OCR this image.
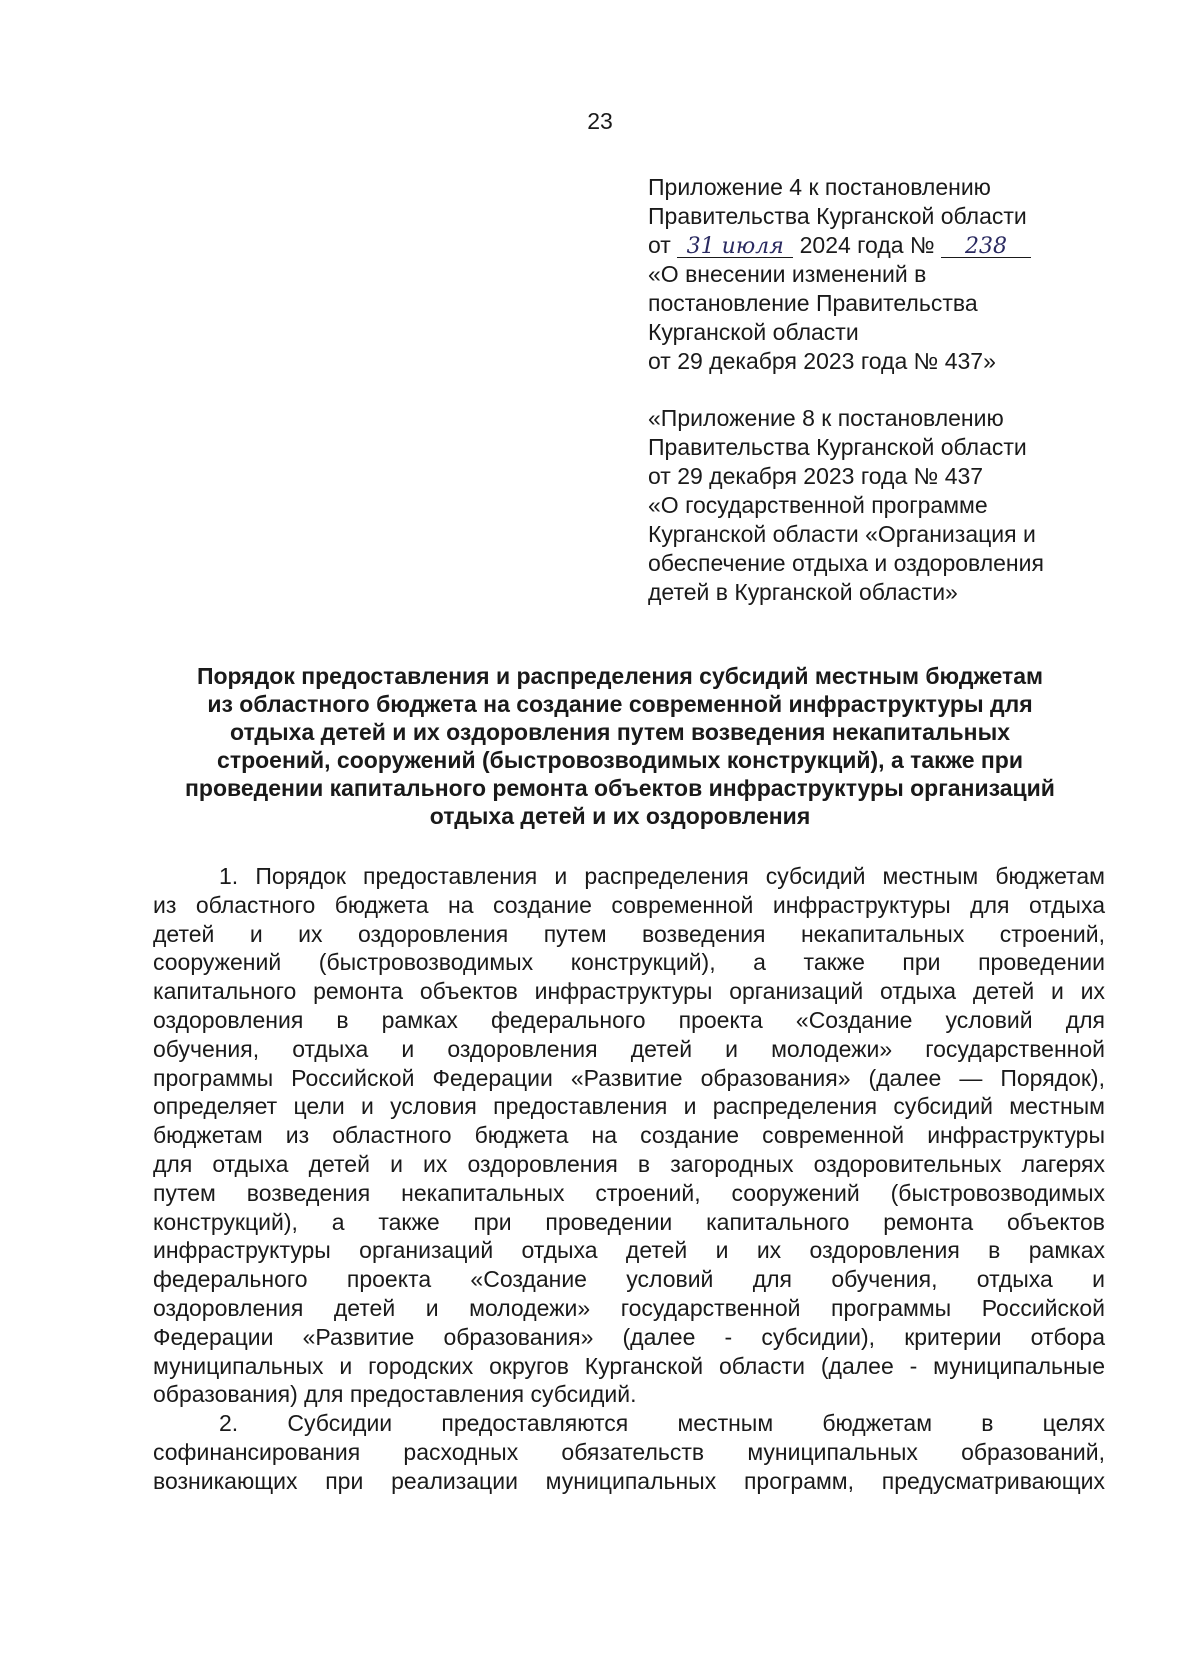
23
Приложение 4 к постановлению
Правительства Курганской области
от 31 июля 2024 года № 238
«О внесении изменений в
постановление Правительства
Курганской области
от 29 декабря 2023 года № 437»
«Приложение 8 к постановлению
Правительства Курганской области
от 29 декабря 2023 года № 437
«О государственной программе
Курганской области «Организация и
обеспечение отдыха и оздоровления
детей в Курганской области»
Порядок предоставления и распределения субсидий местным бюджетам
из областного бюджета на создание современной инфраструктуры для
отдыха детей и их оздоровления путем возведения некапитальных
строений, сооружений (быстровозводимых конструкций), а также при
проведении капитального ремонта объектов инфраструктуры организаций
отдыха детей и их оздоровления
1. Порядок предоставления и распределения субсидий местным бюджетам
из областного бюджета на создание современной инфраструктуры для отдыха
детей и их оздоровления путем возведения некапитальных строений,
сооружений (быстровозводимых конструкций), а также при проведении
капитального ремонта объектов инфраструктуры организаций отдыха детей и их
оздоровления в рамках федерального проекта «Создание условий для
обучения, отдыха и оздоровления детей и молодежи» государственной
программы Российской Федерации «Развитие образования» (далее — Порядок),
определяет цели и условия предоставления и распределения субсидий местным
бюджетам из областного бюджета на создание современной инфраструктуры
для отдыха детей и их оздоровления в загородных оздоровительных лагерях
путем возведения некапитальных строений, сооружений (быстровозводимых
конструкций), а также при проведении капитального ремонта объектов
инфраструктуры организаций отдыха детей и их оздоровления в рамках
федерального проекта «Создание условий для обучения, отдыха и
оздоровления детей и молодежи» государственной программы Российской
Федерации «Развитие образования» (далее - субсидии), критерии отбора
муниципальных и городских округов Курганской области (далее - муниципальные
образования) для предоставления субсидий.
2. Субсидии предоставляются местным бюджетам в целях
софинансирования расходных обязательств муниципальных образований,
возникающих при реализации муниципальных программ, предусматривающих
